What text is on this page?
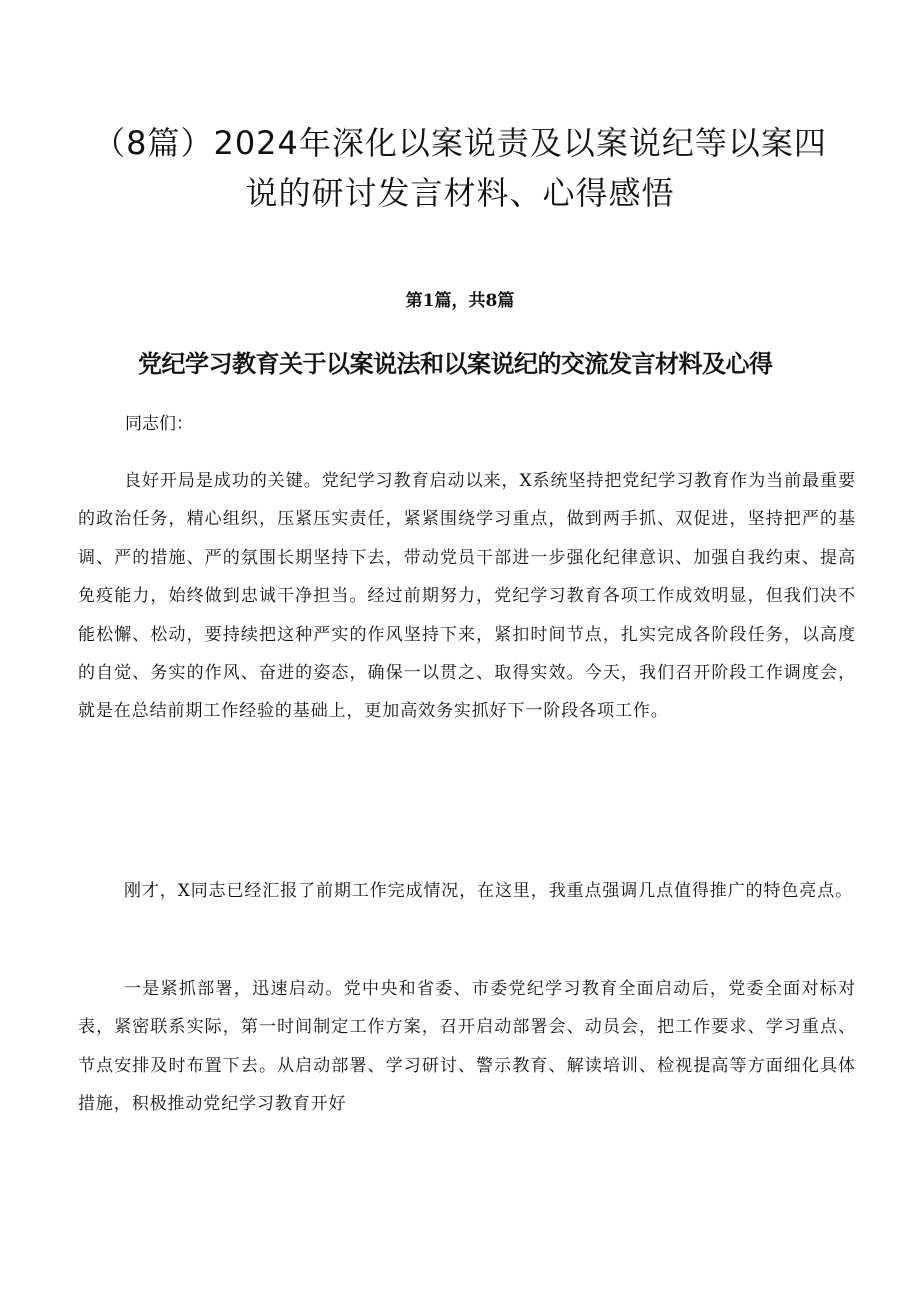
（8篇）2024年深化以案说责及以案说纪等以案四
说的研讨发言材料、心得感悟

第1篇，共8篇

党纪学习教育关于以案说法和以案说纪的交流发言材料及心得

同志们：

良好开局是成功的关键。党纪学习教育启动以来，X系统坚持把党纪学习教育作为当前最重要的政治任务，精心组织，压紧压实责任，紧紧围绕学习重点，做到两手抓、双促进，坚持把严的基调、严的措施、严的氛围长期坚持下去，带动党员干部进一步强化纪律意识、加强自我约束、提高免疫能力，始终做到忠诚干净担当。经过前期努力，党纪学习教育各项工作成效明显，但我们决不能松懈、松动，要持续把这种严实的作风坚持下来，紧扣时间节点，扎实完成各阶段任务，以高度的自觉、务实的作风、奋进的姿态，确保一以贯之、取得实效。今天，我们召开阶段工作调度会，就是在总结前期工作经验的基础上，更加高效务实抓好下一阶段各项工作。

刚才，X同志已经汇报了前期工作完成情况，在这里，我重点强调几点值得推广的特色亮点。

一是紧抓部署，迅速启动。党中央和省委、市委党纪学习教育全面启动后，党委全面对标对表，紧密联系实际，第一时间制定工作方案，召开启动部署会、动员会，把工作要求、学习重点、节点安排及时布置下去。从启动部署、学习研讨、警示教育、解读培训、检视提高等方面细化具体措施，积极推动党纪学习教育开好
